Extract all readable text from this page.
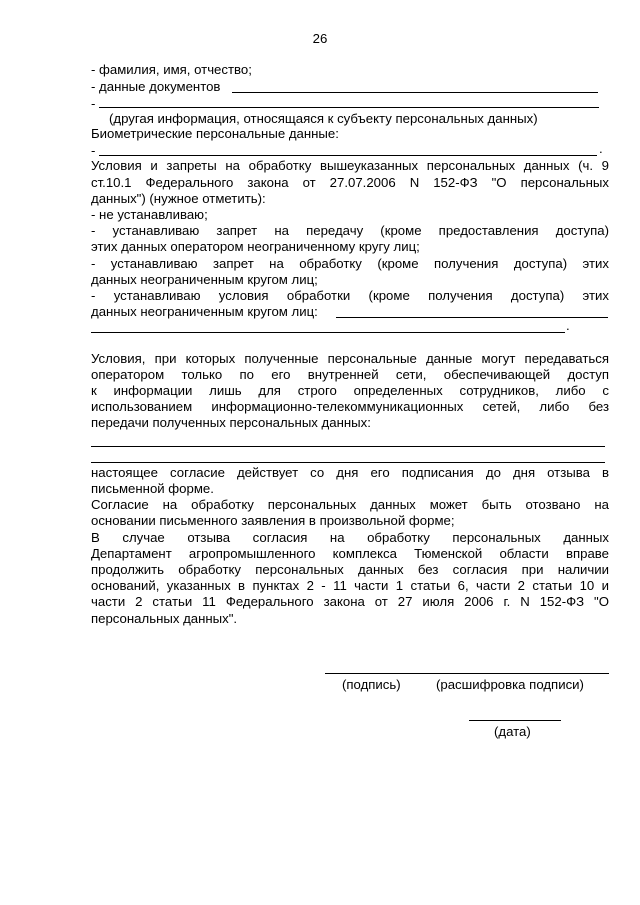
26
- фамилия, имя, отчество;
- данные документов
-
(другая информация, относящаяся к субъекту персональных данных)
Биометрические персональные данные:
-	.
Условия и запреты на обработку вышеуказанных персональных данных (ч. 9
ст.10.1 Федерального закона от 27.07.2006 N 152-ФЗ "О персональных
данных") (нужное отметить):
- не устанавливаю;
- устанавливаю запрет на передачу (кроме предоставления доступа)
этих данных оператором неограниченному кругу лиц;
- устанавливаю запрет на обработку (кроме получения доступа) этих
данных неограниченным кругом лиц;
- устанавливаю условия обработки (кроме получения доступа) этих
данных неограниченным кругом лиц:
.
Условия, при которых полученные персональные данные могут передаваться
оператором только по его внутренней сети, обеспечивающей доступ
к информации лишь для строго определенных сотрудников, либо с
использованием информационно-телекоммуникационных сетей, либо без
передачи полученных персональных данных:
настоящее согласие действует со дня его подписания до дня отзыва в
письменной форме.
Согласие на обработку персональных данных может быть отозвано на
основании письменного заявления в произвольной форме;
В случае отзыва согласия на обработку персональных данных
Департамент агропромышленного комплекса Тюменской области вправе
продолжить обработку персональных данных без согласия при наличии
оснований, указанных в пунктах 2 - 11 части 1 статьи 6, части 2 статьи 10 и
части 2 статьи 11 Федерального закона от 27 июля 2006 г. N 152-ФЗ "О
персональных данных".
(подпись)	(расшифровка подписи)
(дата)
